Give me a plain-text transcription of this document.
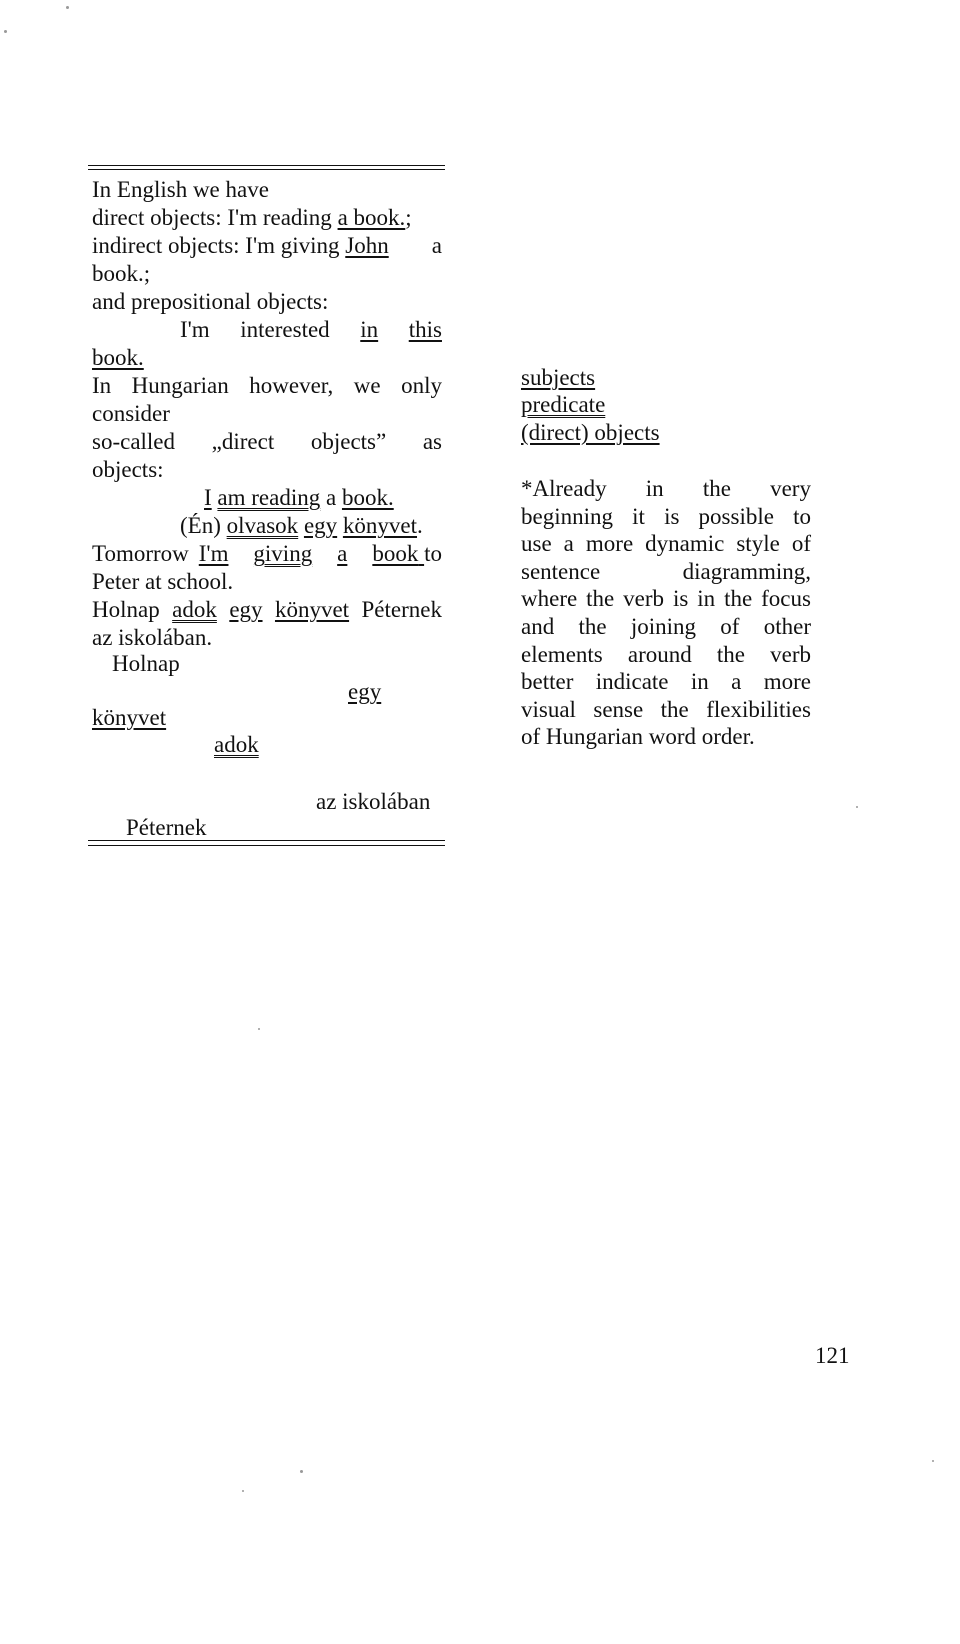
In English we have
direct objects: I'm reading a book.;
indirect objects: I'm giving John a
book.;
and prepositional objects:
I'm interested in this
book.
In Hungarian however, we only
consider
so-called „direct objects” as
objects:
I am reading a book.
(Én) olvasok egy könyvet.
Tomorrow I'm giving a book to
Peter at school.
Holnap adok egy könyvet Péternek
az iskolában.
Holnap
egy
könyvet
adok
az iskolában
Péternek
subjects
predicate
(direct) objects
*Already in the very
beginning it is possible to
use a more dynamic style of
sentence	diagramming,
where the verb is in the focus
and the joining of other
elements around the verb
better indicate in a more
visual sense the flexibilities
of Hungarian word order.
121
